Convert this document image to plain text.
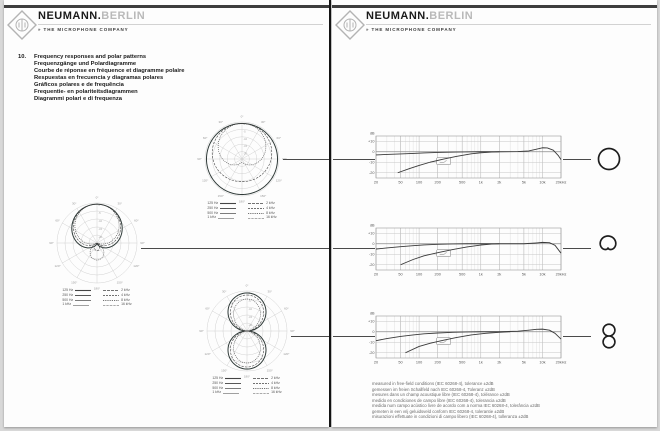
NEUMANN.BERLIN
» THE MICROPHONE COMPANY
10.	Frequency responses and polar patterns
Frequenzgänge und Polardiagramme
Courbe de réponse en fréquence et diagramme polaire
Respuestas en frecuencia y diagramas polares
Gráficos polares e de frequência
Frequentie- en polariteitsdiagrammen
Diagrammi polari e di frequenza
0°
30°
60°
90°
120°
150°
180°
150°
120°
90°
60°
30°
0
-5
-10
-15
-20
125 Hz
250 Hz
500 Hz
1 kHz
2 kHz
4 kHz
8 kHz
16 kHz
0°
30°
60°
90°
120°
150°
180°
150°
120°
90°
60°
30°	0
-5
-10
-15
-20
125 Hz
250 Hz
500 Hz
1 kHz
2 kHz
4 kHz
8 kHz
16 kHz
0°
30°
60°
90°
120°
150°
180°
150°
120°
90°
60°
30°	0
-5
-10
-15
-20
125 Hz
250 Hz
500 Hz
1 kHz
2 kHz
4 kHz
8 kHz
16 kHz
NEUMANN.BERLIN
» THE MICROPHONE COMPANY
measured in free-field conditions (IEC 60268-4), tolerance ±2dB
gemessen im freien Schallfeld nach IEC 60268-4, Toleranz ±2dB
mesures dans un champ acoustique libre (IEC 60268-4), tolérance ±2dB
medido en condiciones de campo libre (IEC 60268-4), tolerancia ±2dB
medida num campo acústico livre de acordo com a norma IEC 60268-4, tolerância ±2dB
gemeten in een vrij geluidsveld conform IEC 60268-4, tolerantie ±2dB
misurazioni effettuate in condizioni di campo libero (IEC 60268-4), tolleranza ±2dB
dB
+10
0
-10
-20
20	50	100	200	500	1k	2k	5k	10k	20kHz
dB
+10
0
-10
-20
20	50	100	200	500	1k	2k	5k	10k	20kHz
dB
+10
0
-10
-20
20	50	100	200	500	1k	2k	5k	10k	20kHz
